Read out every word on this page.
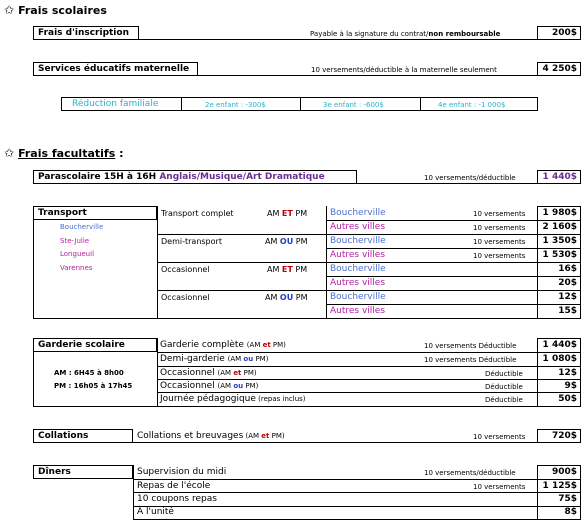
✩ Frais scolaires
Frais d'inscription	Payable à la signature du contrat/non remboursable	200$
Services éducatifs maternelle	10 versements/déductible à la maternelle seulement	4 250$
Réduction familiale	2e enfant : -300$	3e enfant : -600$	4e enfant : -1 000$
✩ Frais facultatifs :
Parascolaire 15H à 16H Anglais/Musique/Art Dramatique	10 versements/déductible	1 440$
Transport
Boucherville
Ste-Julie
Longueuil
Varennes
Transport complet	AM ET PM	Boucherville	10 versements	1 980$
Autres villes	10 versements	2 160$
Demi-transport	AM OU PM	Boucherville	10 versements	1 350$
Autres villes	10 versements	1 530$
Occasionnel	AM ET PM	Boucherville	16$
Autres villes	20$
Occasionnel	AM OU PM	Boucherville	12$
Autres villes	15$
Garderie scolaire
AM : 6H45 à 8h00
PM : 16h05 à 17h45
Garderie complète (AM et PM)	10 versements Déductible	1 440$
Demi-garderie (AM ou PM)	10 versements Déductible	1 080$
Occasionnel (AM et PM)	Déductible	12$
Occasionnel (AM ou PM)	Déductible	9$
Journée pédagogique (repas inclus)	Déductible	50$
Collations	Collations et breuvages (AM et PM)	10 versements	720$
Dîners	Supervision du midi	10 versements/déductible	900$
Repas de l'école	10 versements	1 125$
10 coupons repas	75$
À l'unité	8$
